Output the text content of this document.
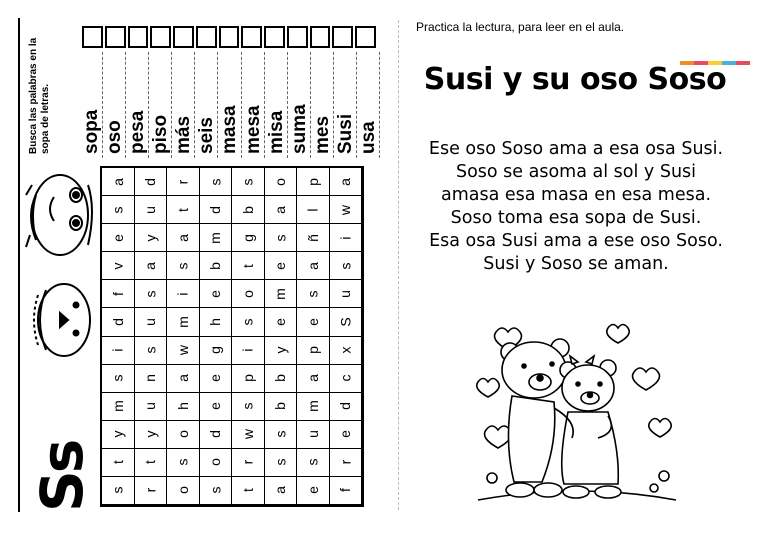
Busca las palabras en la sopa de letras.	sopa oso pesa piso más seis masa mesa misa suma mes Susi usa
a d r s s o p a
s u t d b a l w
e y a m g s ñ i
v a s b t e a s
f s i e o m s u
d u m h s e e S
i s w g i y p x
s n a e p b a c
m u h e s b m d
y y o d w s u e
t t s o r s s r
s r o s t a e f
Ss
Practica la lectura, para leer en el aula.
Susi y su oso Soso
Ese oso Soso ama a esa osa Susi.
Soso se asoma al sol y Susi
amasa esa masa en esa mesa.
Soso toma esa sopa de Susi.
Esa osa Susi ama a ese oso Soso.
Susi y Soso se aman.
